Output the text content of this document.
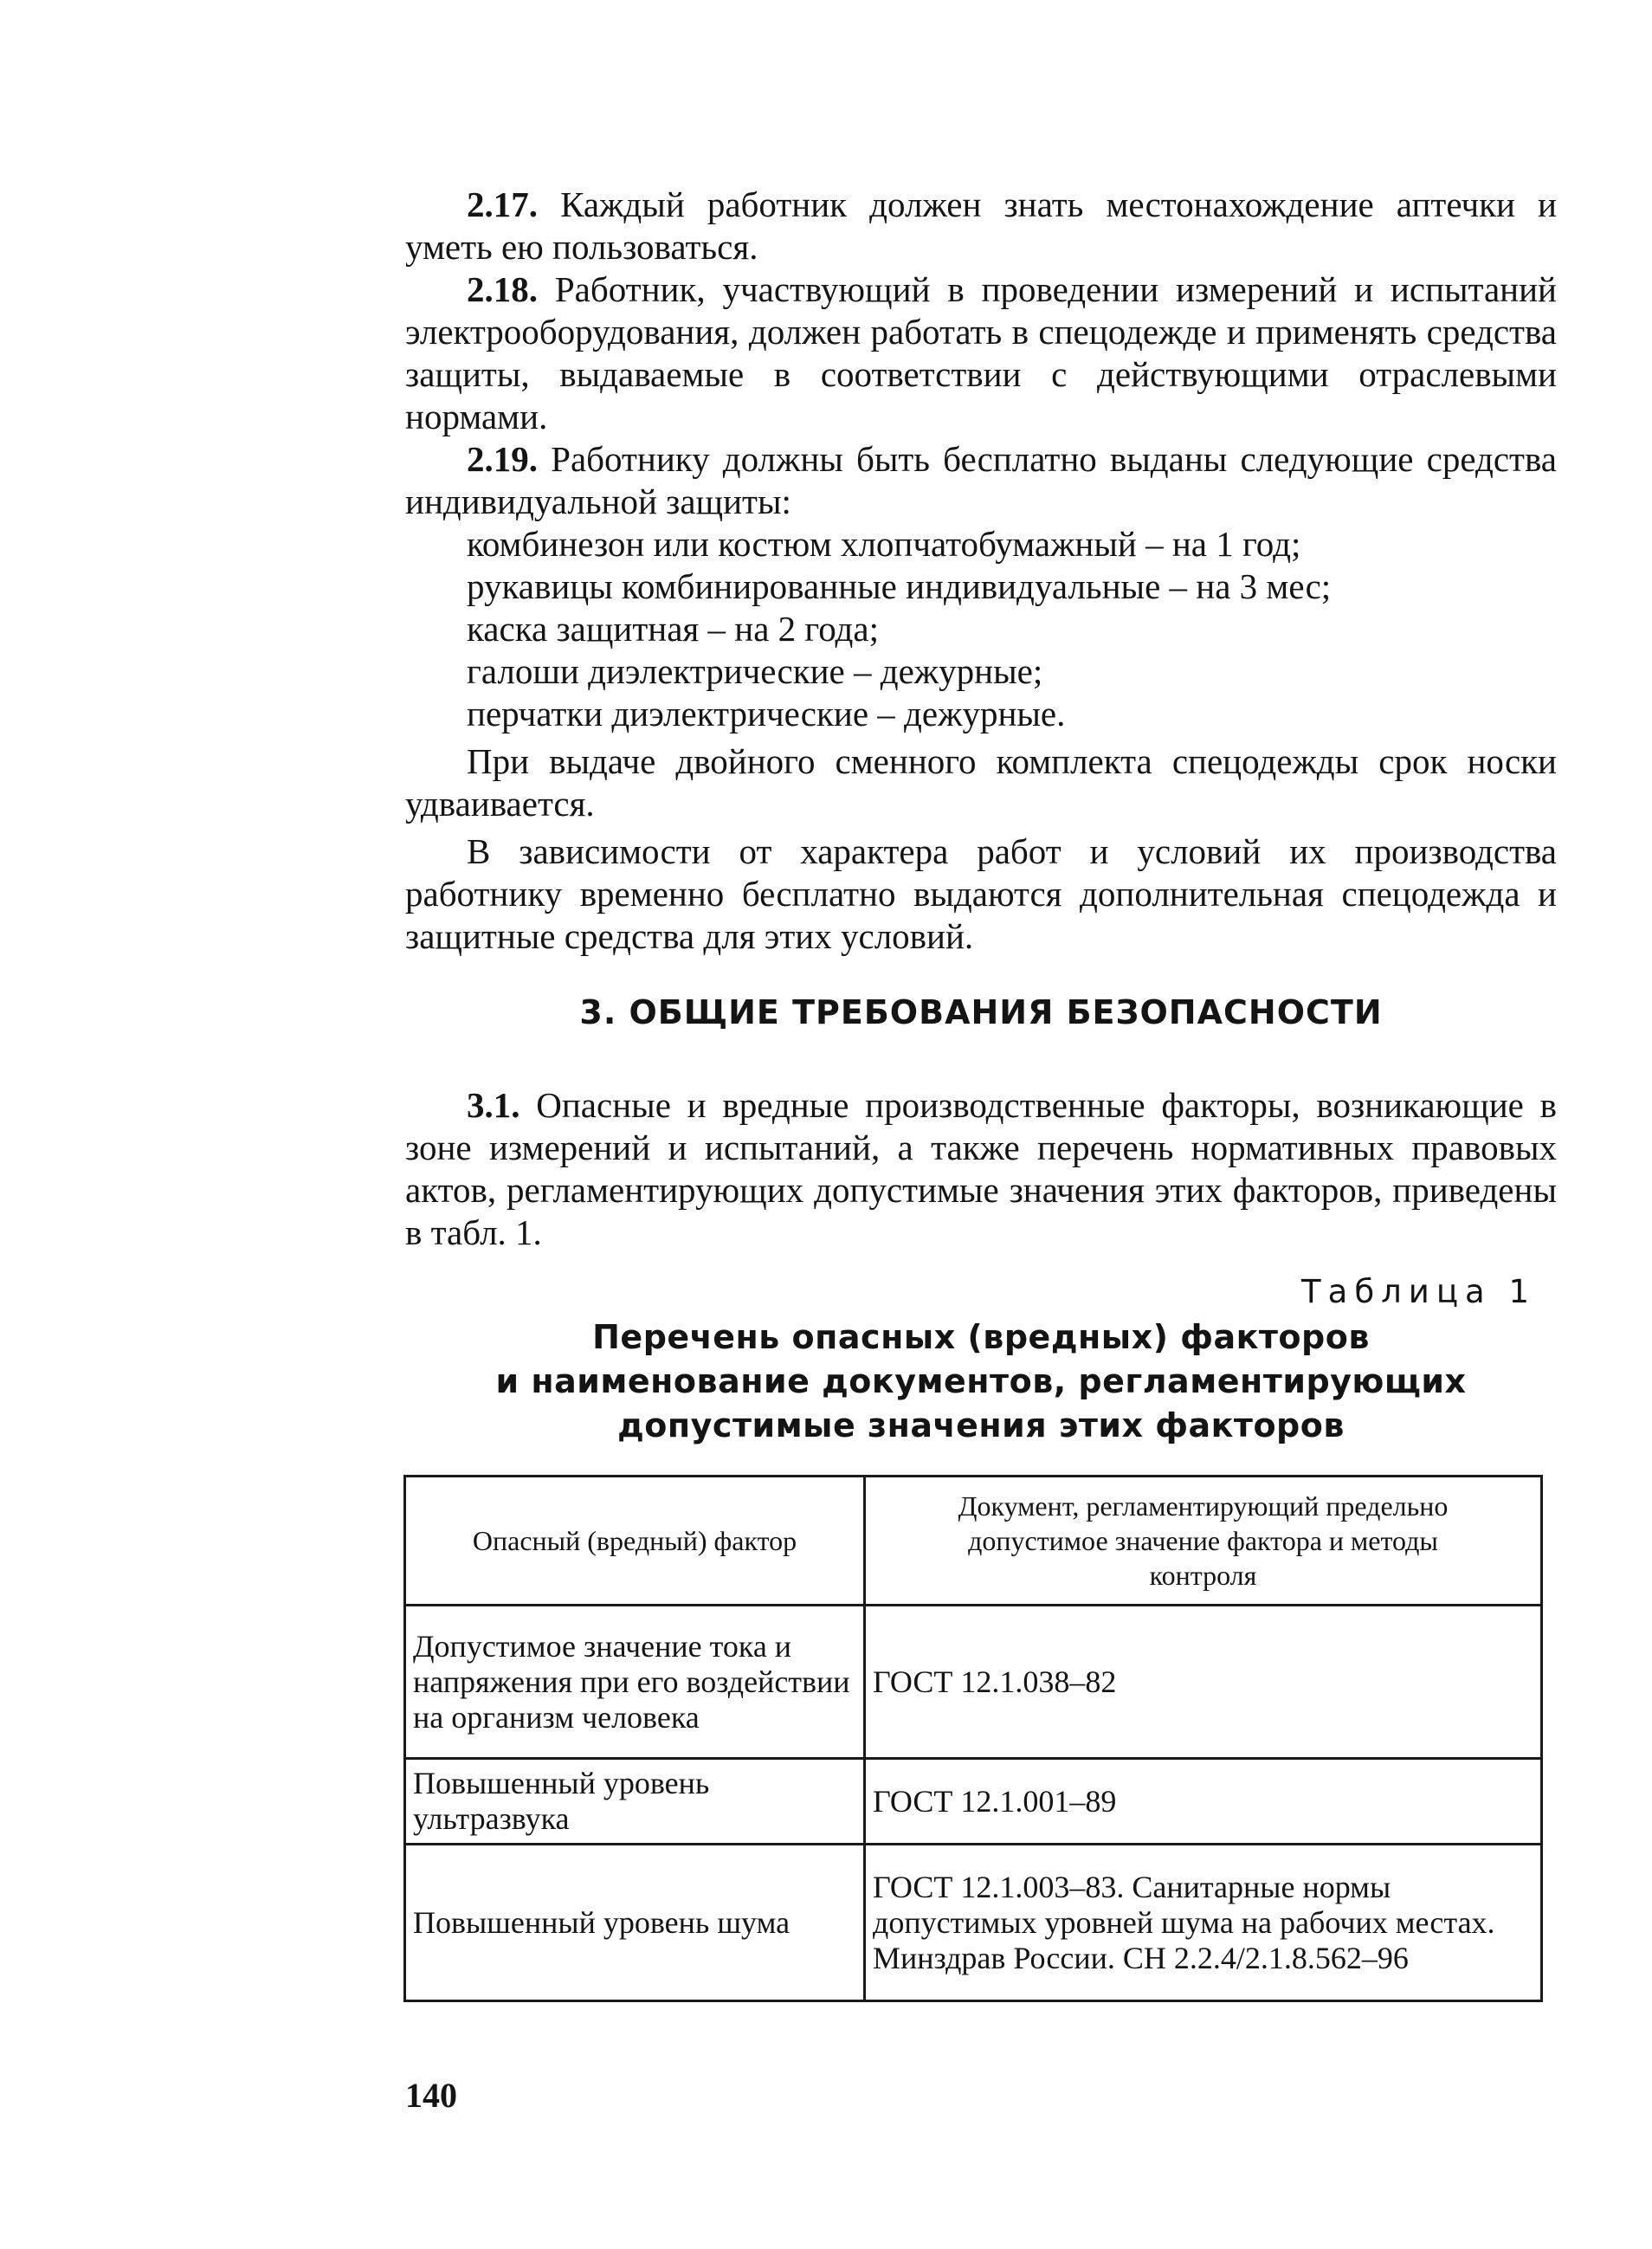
2.17. Каждый работник должен знать местонахождение аптечки и уметь ею пользоваться.

2.18. Работник, участвующий в проведении измерений и испытаний электрооборудования, должен работать в спецодежде и применять средства защиты, выдаваемые в соответствии с действующими отраслевыми нормами.

2.19. Работнику должны быть бесплатно выданы следующие средства индивидуальной защиты:

комбинезон или костюм хлопчатобумажный – на 1 год;

рукавицы комбинированные индивидуальные – на 3 мес;

каска защитная – на 2 года;

галоши диэлектрические – дежурные;

перчатки диэлектрические – дежурные.

При выдаче двойного сменного комплекта спецодежды срок носки удваивается.

В зависимости от характера работ и условий их производства работнику временно бесплатно выдаются дополнительная спецодежда и защитные средства для этих условий.

3. ОБЩИЕ ТРЕБОВАНИЯ БЕЗОПАСНОСТИ

3.1. Опасные и вредные производственные факторы, возникающие в зоне измерений и испытаний, а также перечень нормативных правовых актов, регламентирующих допустимые значения этих факторов, приведены в табл. 1.

Таблица 1
Перечень опасных (вредных) факторов
и наименование документов, регламентирующих
допустимые значения этих факторов
Опасный (вредный) фактор	Документ, регламентирующий предельно допустимое значение фактора и методы контроля
Допустимое значение тока и напряжения при его воздействии на организм человека	ГОСТ 12.1.038–82
Повышенный уровень ультразвука	ГОСТ 12.1.001–89
Повышенный уровень шума	ГОСТ 12.1.003–83. Санитарные нормы допустимых уровней шума на рабочих местах. Минздрав России. СН 2.2.4/2.1.8.562–96
140
